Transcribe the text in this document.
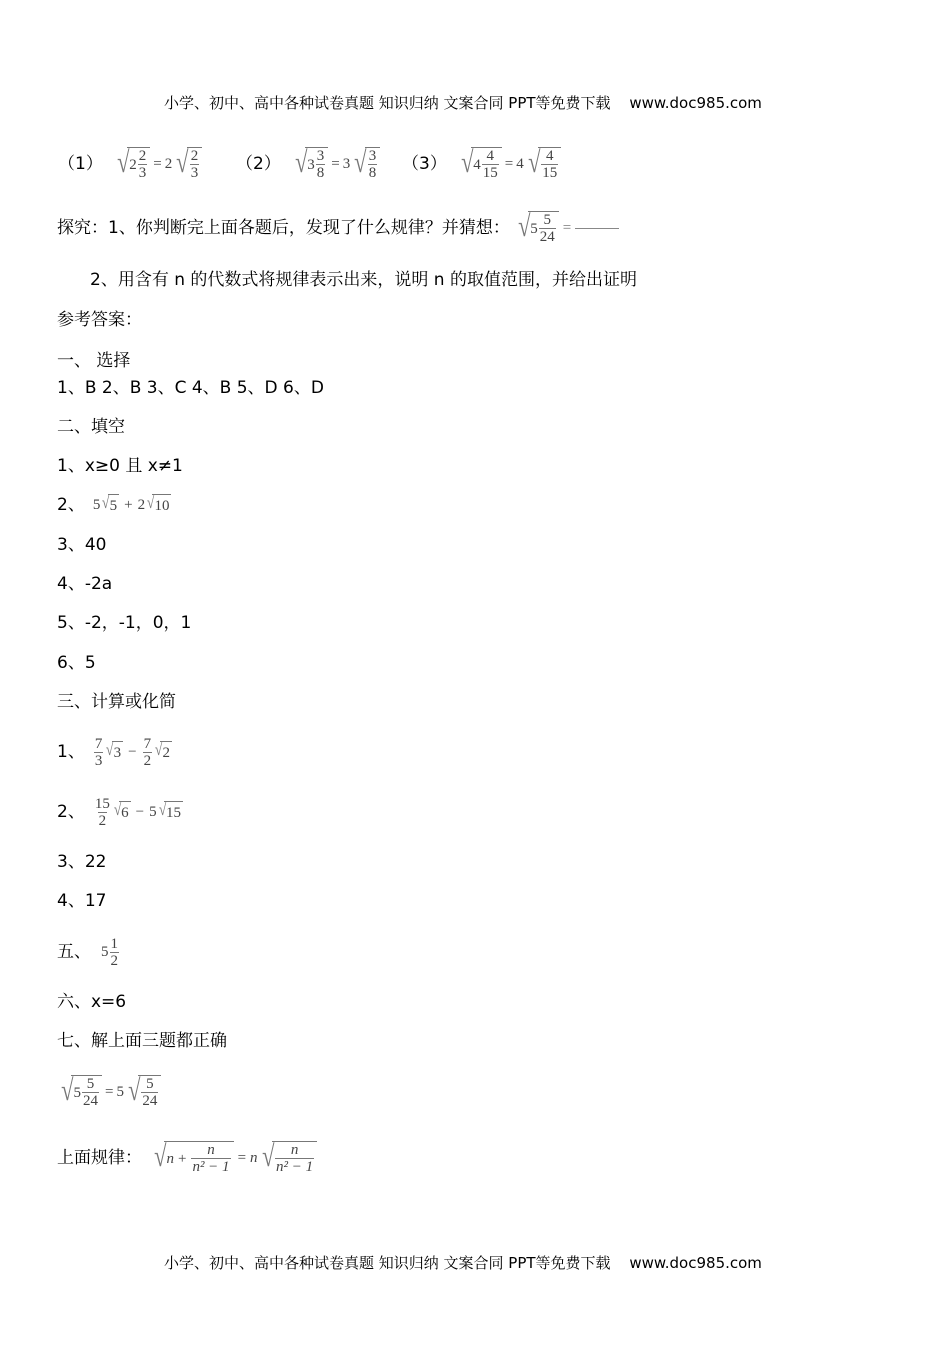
小学、初中、高中各种试卷真题 知识归纳 文案合同 PPT等免费下载 www.doc985.com
（1） √ $2 \frac{2}{3} = 2$ √ $\frac{2}{3} (2)$ √ $3 \frac{3}{8} = 3$ √ $\frac{3}{8} (3)$ √ $4 \frac{4}{15} = 4$ √ $\frac{4}{15}$
探究：1、你判断完上面各题后，发现了什么规律？并猜想： √ $5 \frac{5}{24}$ =
2、用含有 n 的代数式将规律表示出来，说明 n 的取值范围，并给出证明
参考答案：
一、 选择
1、B 2、B 3、C 4、B 5、D 6、D
二、填空
1、x≥0 且 x≠1
2、 5 √ 5 + 2 √ 10
3、40
4、-2a
5、-2，-1，0，1
6、5
三、计算或化简
1、 $\frac{7}{3}$ √ $3 - \frac{7}{2}$ √ 2
2、 $\frac{15}{2}$ √ 6 − 5 √ 15
3、22
4、17
五、 $5 \frac{1}{2}$
六、x=6
七、解上面三题都正确
√ $5 \frac{5}{24} = 5$ √ $\frac{5}{24}$
上面规律： √ $n + \frac{n}{\text{n² − 1}} = n$ √ $\frac{n}{\text{n² − 1}}$
小学、初中、高中各种试卷真题 知识归纳 文案合同 PPT等免费下载 www.doc985.com
